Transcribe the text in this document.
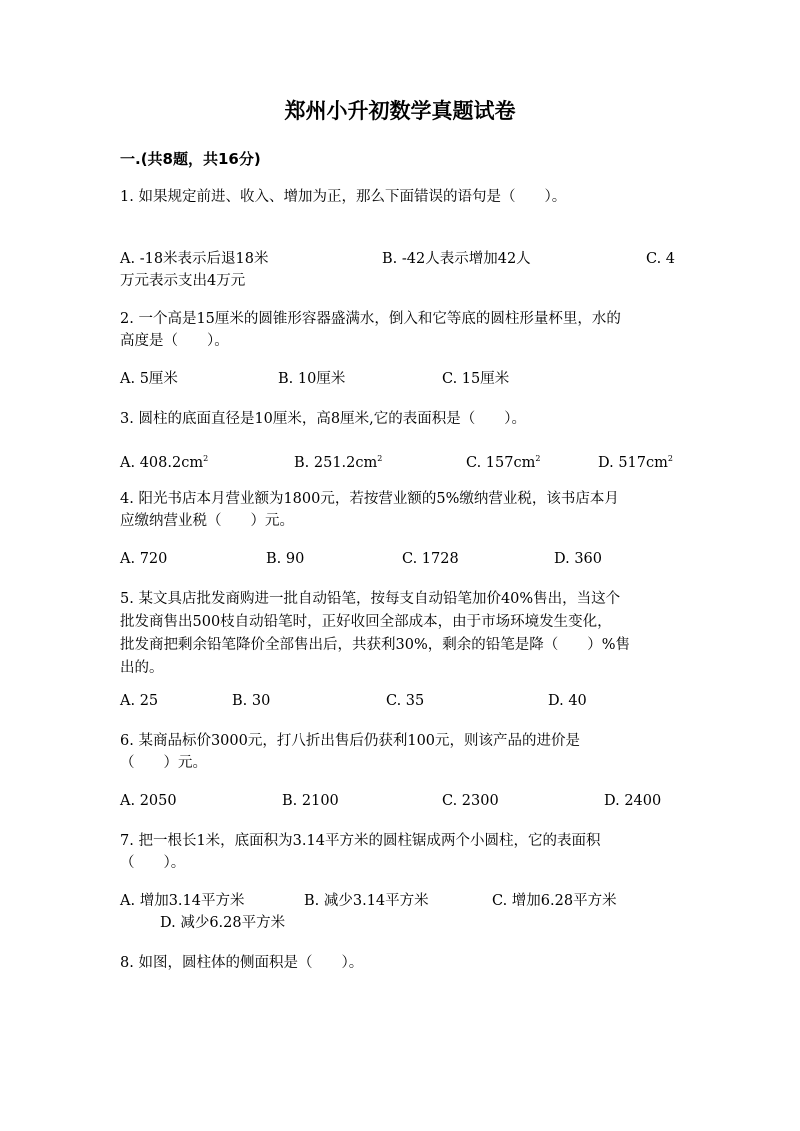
郑州小升初数学真题试卷
一.(共8题，共16分)
1. 如果规定前进、收入、增加为正，那么下面错误的语句是（　　）。
A. -18米表示后退18米	B. -42人表示增加42人	C. 4
万元表示支出4万元
2. 一个高是15厘米的圆锥形容器盛满水，倒入和它等底的圆柱形量杯里，水的
高度是（　　）。
A. 5厘米	B. 10厘米	C. 15厘米
3. 圆柱的底面直径是10厘米，高8厘米,它的表面积是（　　）。
A. $408.2cm^2$	B. $251.2cm^2$	C. $157cm^2$	D. $517cm^2$
4. 阳光书店本月营业额为1800元，若按营业额的5%缴纳营业税，该书店本月
应缴纳营业税（　　）元。
A. 720	B. 90	C. 1728	D. 360
5. 某文具店批发商购进一批自动铅笔，按每支自动铅笔加价40%售出，当这个
批发商售出500枝自动铅笔时，正好收回全部成本，由于市场环境发生变化，
批发商把剩余铅笔降价全部售出后，共获利30%，剩余的铅笔是降（　　）%售
出的。
A. 25	B. 30	C. 35	D. 40
6. 某商品标价3000元，打八折出售后仍获利100元，则该产品的进价是
（　　）元。
A. 2050	B. 2100	C. 2300	D. 2400
7. 把一根长1米，底面积为3.14平方米的圆柱锯成两个小圆柱，它的表面积
（　　）。
A. 增加3.14平方米	B. 减少3.14平方米	C. 增加6.28平方米
D. 减少6.28平方米
8. 如图，圆柱体的侧面积是（　　）。
